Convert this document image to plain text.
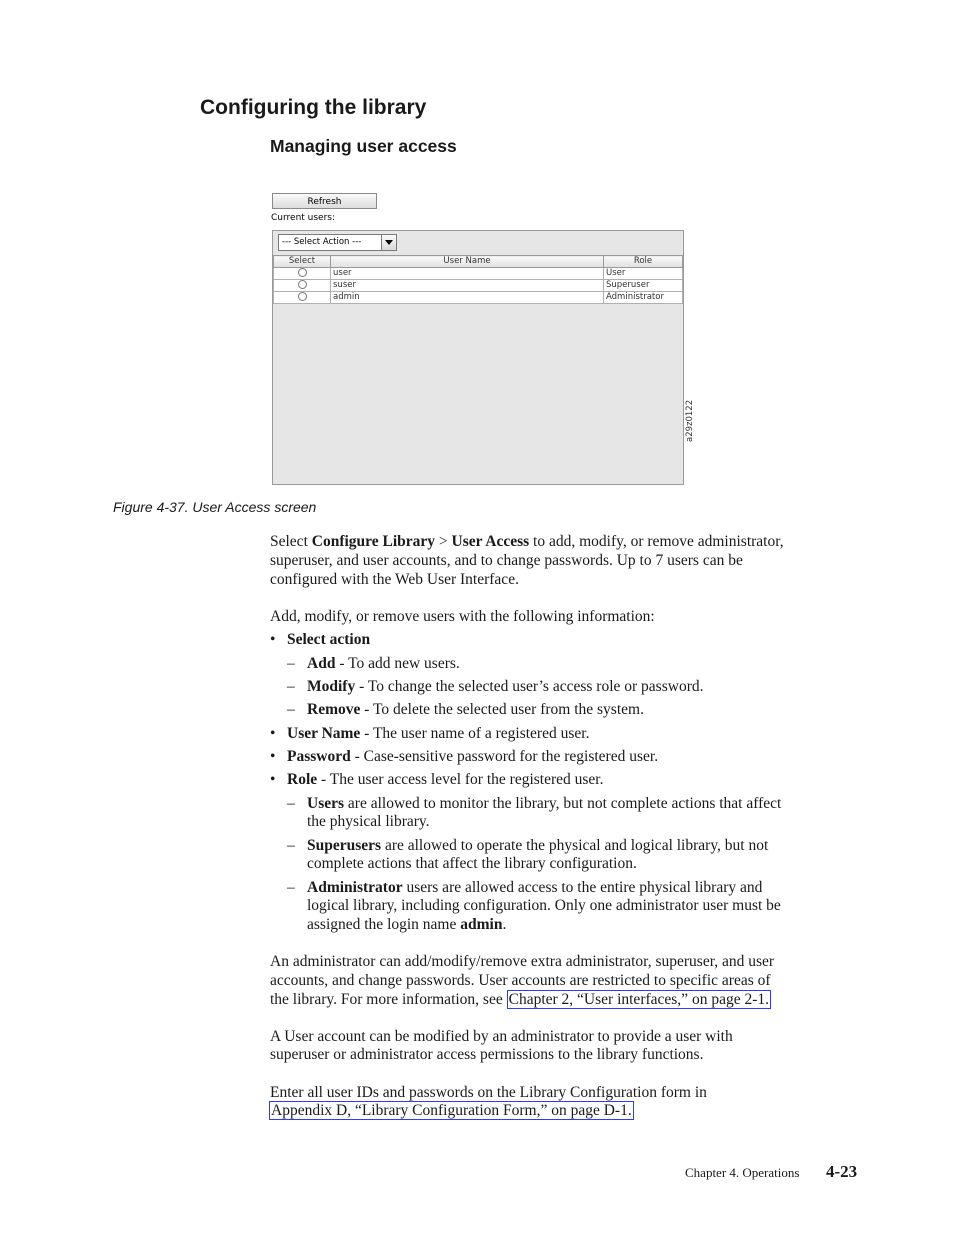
Configuring the library
Managing user access
Refresh
Current users:
--- Select Action ---
Select	User Name	Role
	user	User
	suser	Superuser
	admin	Administrator
a29z0122

Figure 4-37. User Access screen

Select Configure Library > User Access to add, modify, or remove administrator,
superuser, and user accounts, and to change passwords. Up to 7 users can be
configured with the Web User Interface.
Add, modify, or remove users with the following information:
• Select action
– Add - To add new users.
– Modify - To change the selected user’s access role or password.
– Remove - To delete the selected user from the system.
• User Name - The user name of a registered user.
• Password - Case-sensitive password for the registered user.
• Role - The user access level for the registered user.
– Users are allowed to monitor the library, but not complete actions that affect
the physical library.
– Superusers are allowed to operate the physical and logical library, but not
complete actions that affect the library configuration.
– Administrator users are allowed access to the entire physical library and
logical library, including configuration. Only one administrator user must be
assigned the login name admin.
An administrator can add/modify/remove extra administrator, superuser, and user
accounts, and change passwords. User accounts are restricted to specific areas of
the library. For more information, see Chapter 2, “User interfaces,” on page 2-1.
A User account can be modified by an administrator to provide a user with
superuser or administrator access permissions to the library functions.
Enter all user IDs and passwords on the Library Configuration form in
Appendix D, “Library Configuration Form,” on page D-1.
Chapter 4. Operations 4-23
